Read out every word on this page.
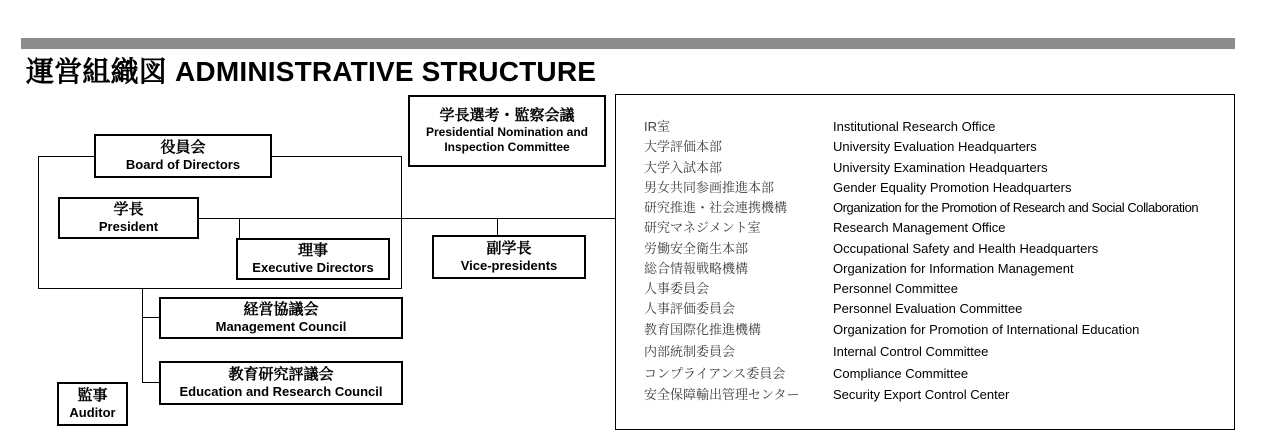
運営組織図 ADMINISTRATIVE STRUCTURE
学長選考・監察会議
Presidential Nomination and Inspection Committee
役員会
Board of Directors
学長
President
理事
Executive Directors
副学長
Vice-presidents
経営協議会
Management Council
教育研究評議会
Education and Research Council
監事
Auditor
IR室	Institutional Research Office
大学評価本部	University Evaluation Headquarters
大学入試本部	University Examination Headquarters
男女共同参画推進本部	Gender Equality Promotion Headquarters
研究推進・社会連携機構	Organization for the Promotion of Research and Social Collaboration
研究マネジメント室	Research Management Office
労働安全衛生本部	Occupational Safety and Health Headquarters
総合情報戦略機構	Organization for Information Management
人事委員会	Personnel Committee
人事評価委員会	Personnel Evaluation Committee
教育国際化推進機構	Organization for Promotion of International Education
内部統制委員会	Internal Control Committee
コンプライアンス委員会	Compliance Committee
安全保障輸出管理センター	Security Export Control Center
